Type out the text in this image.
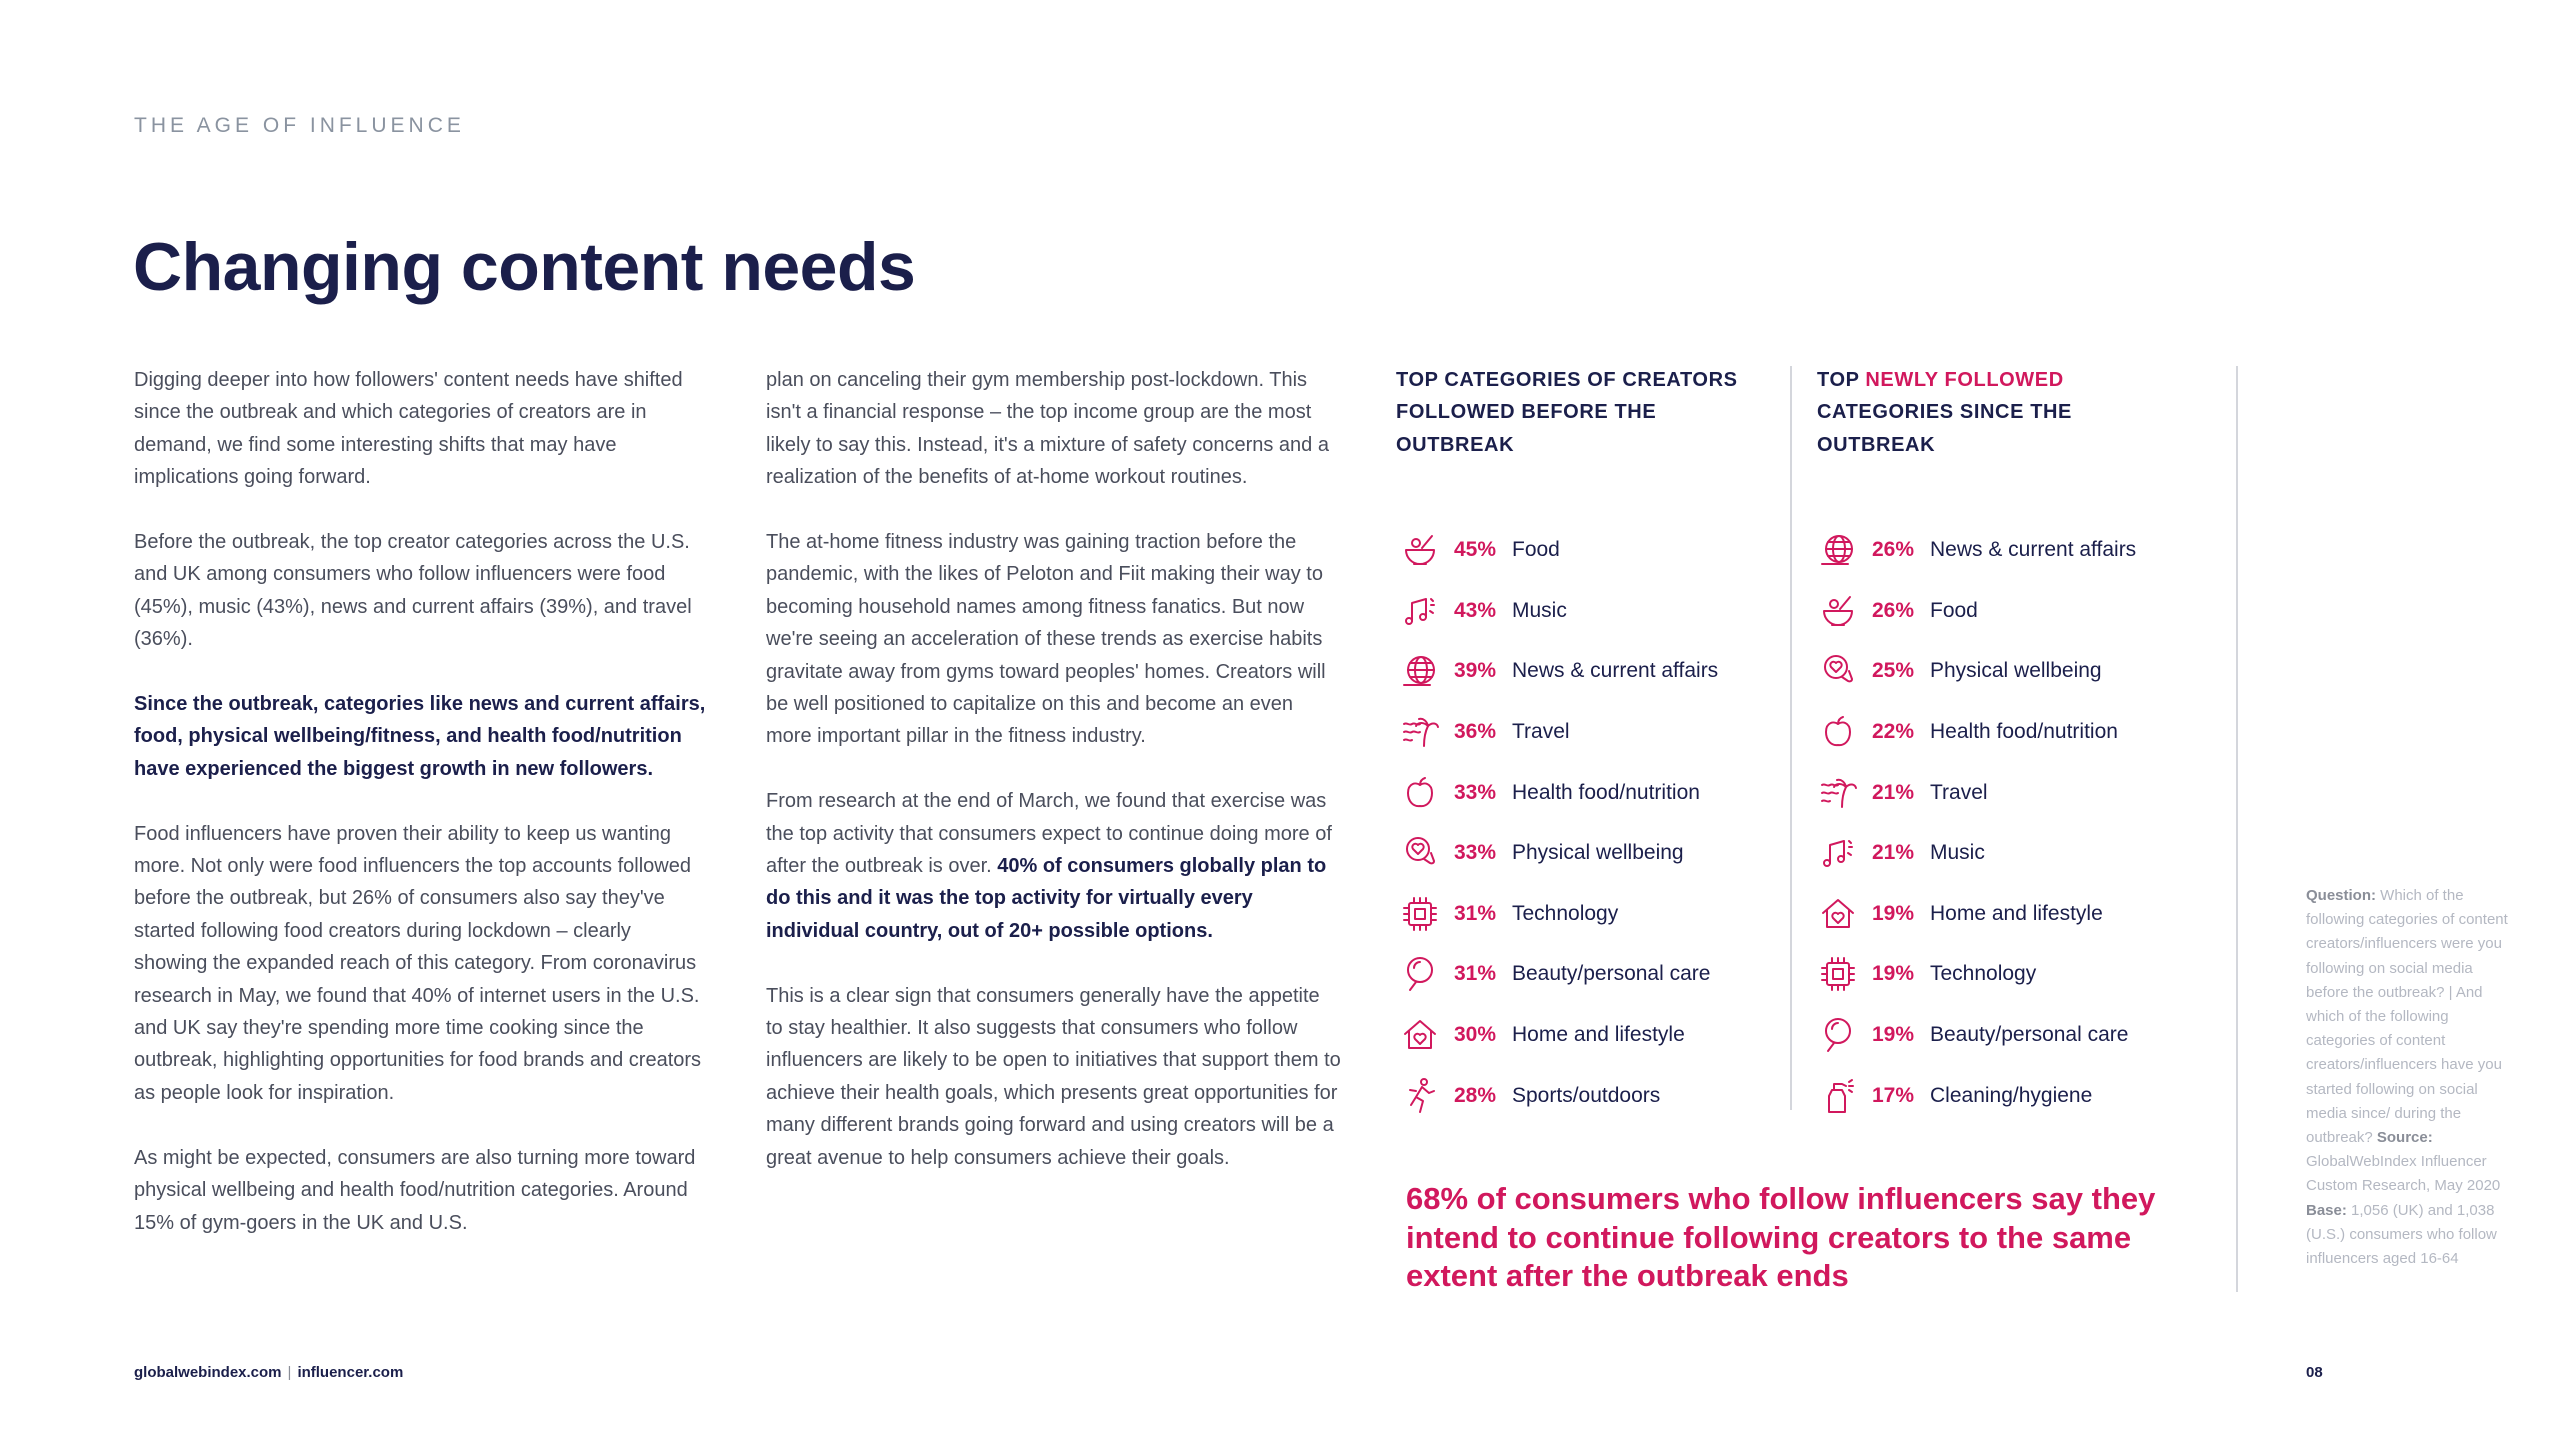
THE AGE OF INFLUENCE
Changing content needs

Digging deeper into how followers' content needs have shifted since the outbreak and which categories of creators are in demand, we find some interesting shifts that may have implications going forward.

Before the outbreak, the top creator categories across the U.S. and UK among consumers who follow influencers were food (45%), music (43%), news and current affairs (39%), and travel (36%).

Since the outbreak, categories like news and current affairs, food, physical wellbeing/fitness, and health food/nutrition have experienced the biggest growth in new followers.

Food influencers have proven their ability to keep us wanting more. Not only were food influencers the top accounts followed before the outbreak, but 26% of consumers also say they've started following food creators during lockdown – clearly showing the expanded reach of this category. From coronavirus research in May, we found that 40% of internet users in the U.S. and UK say they're spending more time cooking since the outbreak, highlighting opportunities for food brands and creators as people look for inspiration.

As might be expected, consumers are also turning more toward physical wellbeing and health food/nutrition categories. Around 15% of gym-goers in the UK and U.S.

plan on canceling their gym membership post-lockdown. This isn't a financial response – the top income group are the most likely to say this. Instead, it's a mixture of safety concerns and a realization of the benefits of at-home workout routines.

The at-home fitness industry was gaining traction before the pandemic, with the likes of Peloton and Fiit making their way to becoming household names among fitness fanatics. But now we're seeing an acceleration of these trends as exercise habits gravitate away from gyms toward peoples' homes. Creators will be well positioned to capitalize on this and become an even more important pillar in the fitness industry.

From research at the end of March, we found that exercise was the top activity that consumers expect to continue doing more of after the outbreak is over. 40% of consumers globally plan to do this and it was the top activity for virtually every individual country, out of 20+ possible options.

This is a clear sign that consumers generally have the appetite to stay healthier. It also suggests that consumers who follow influencers are likely to be open to initiatives that support them to achieve their health goals, which presents great opportunities for many different brands going forward and using creators will be a great avenue to help consumers achieve their goals.

TOP CATEGORIES OF CREATORS FOLLOWED BEFORE THE OUTBREAK
TOP NEWLY FOLLOWED CATEGORIES SINCE THE OUTBREAK
45% Food
43% Music
39% News & current affairs
36% Travel
33% Health food/nutrition
33% Physical wellbeing
31% Technology
31% Beauty/personal care
30% Home and lifestyle
28% Sports/outdoors
26% News & current affairs
26% Food
25% Physical wellbeing
22% Health food/nutrition
21% Travel
21% Music
19% Home and lifestyle
19% Technology
19% Beauty/personal care
17% Cleaning/hygiene
68% of consumers who follow influencers say they intend to continue following creators to the same extent after the outbreak ends
Question: Which of the following categories of content creators/influencers were you following on social media before the outbreak? | And which of the following categories of content creators/influencers have you started following on social media since/ during the outbreak? Source: GlobalWebIndex Influencer Custom Research, May 2020 Base: 1,056 (UK) and 1,038 (U.S.) consumers who follow influencers aged 16-64
globalwebindex.com | influencer.com	08
